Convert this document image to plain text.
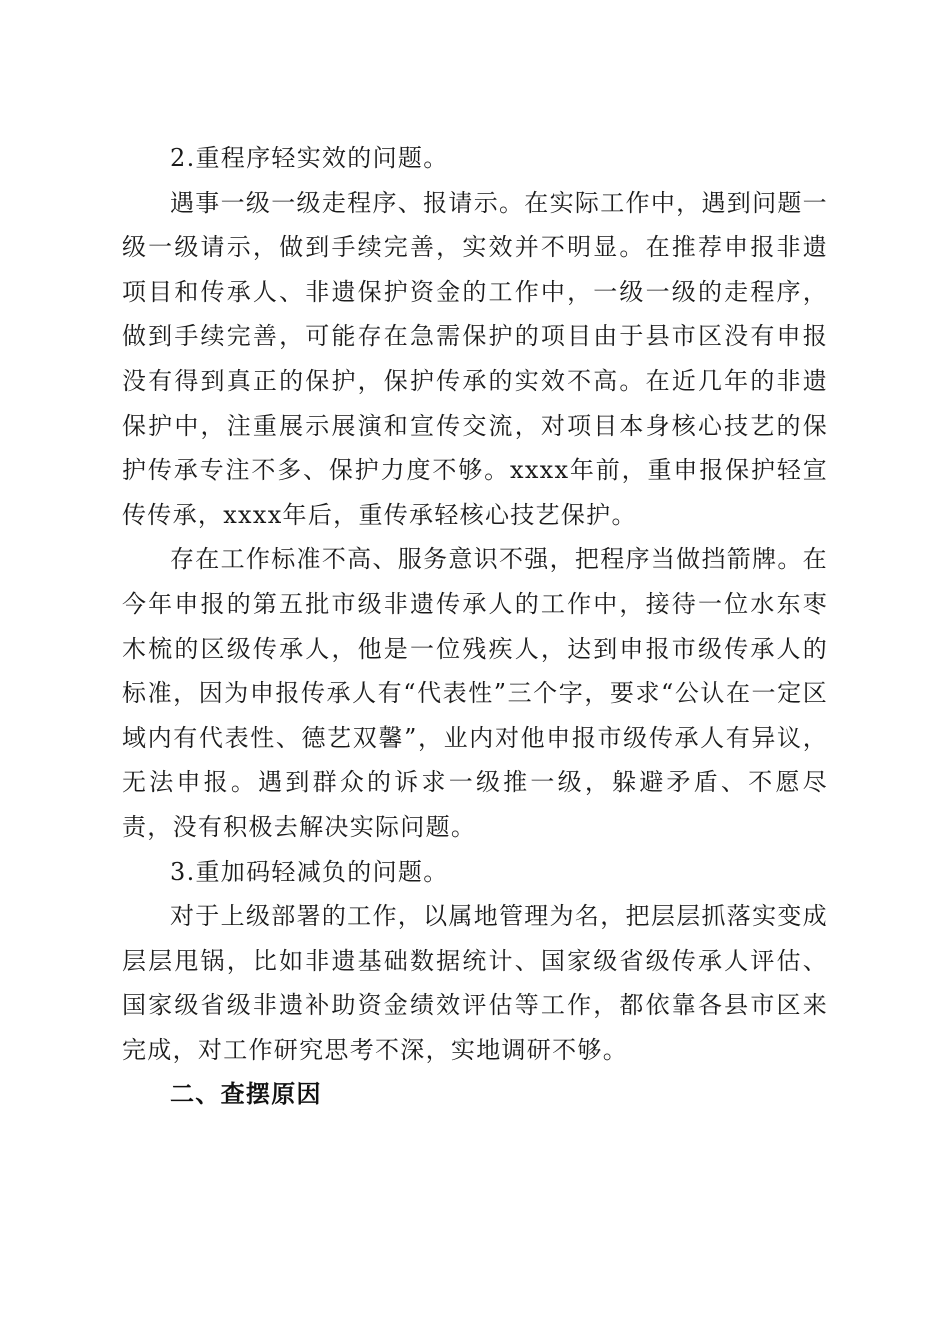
2.重程序轻实效的问题。

遇事一级一级走程序、报请示。在实际工作中，遇到问题一级一级请示，做到手续完善，实效并不明显。在推荐申报非遗项目和传承人、非遗保护资金的工作中，一级一级的走程序，做到手续完善，可能存在急需保护的项目由于县市区没有申报没有得到真正的保护，保护传承的实效不高。在近几年的非遗保护中，注重展示展演和宣传交流，对项目本身核心技艺的保护传承专注不多、保护力度不够。xxxx年前，重申报保护轻宣传传承，xxxx年后，重传承轻核心技艺保护。

存在工作标准不高、服务意识不强，把程序当做挡箭牌。在今年申报的第五批市级非遗传承人的工作中，接待一位水东枣木梳的区级传承人，他是一位残疾人，达到申报市级传承人的标准，因为申报传承人有“代表性”三个字，要求“公认在一定区域内有代表性、德艺双馨”，业内对他申报市级传承人有异议，无法申报。遇到群众的诉求一级推一级，躲避矛盾、不愿尽责，没有积极去解决实际问题。

3.重加码轻减负的问题。

对于上级部署的工作，以属地管理为名，把层层抓落实变成层层甩锅，比如非遗基础数据统计、国家级省级传承人评估、国家级省级非遗补助资金绩效评估等工作，都依靠各县市区来完成，对工作研究思考不深，实地调研不够。

二、查摆原因
